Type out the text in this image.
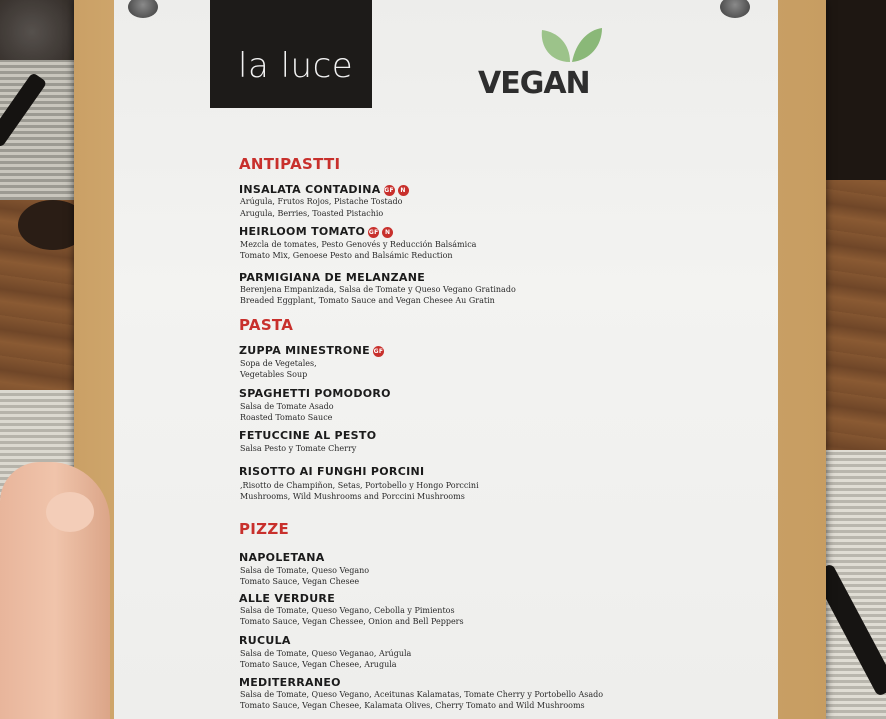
la luce	VEGAN
ANTIPASTTI
INSALATA CONTADINA GF N
Arúgula, Frutos Rojos, Pistache Tostado
Arugula, Berries, Toasted Pistachio
HEIRLOOM TOMATO GF N
Mezcla de tomates, Pesto Genovés y Reducción Balsámica
Tomato Mix, Genoese Pesto and Balsámic Reduction
PARMIGIANA DE MELANZANE
Berenjena Empanizada, Salsa de Tomate y Queso Vegano Gratinado
Breaded Eggplant, Tomato Sauce and Vegan Chesee Au Gratin
PASTA
ZUPPA MINESTRONE GF
Sopa de Vegetales,
Vegetables Soup
SPAGHETTI POMODORO
Salsa de Tomate Asado
Roasted Tomato Sauce
FETUCCINE AL PESTO
Salsa Pesto y Tomate Cherry
RISOTTO AI FUNGHI PORCINI
,Risotto de Champiñon, Setas, Portobello y Hongo Porccini
Mushrooms, Wild Mushrooms and Porccini Mushrooms
PIZZE
NAPOLETANA
Salsa de Tomate, Queso Vegano
Tomato Sauce, Vegan Chesee
ALLE VERDURE
Salsa de Tomate, Queso Vegano, Cebolla y Pimientos
Tomato Sauce, Vegan Chessee, Onion and Bell Peppers
RUCULA
Salsa de Tomate, Queso Veganao, Arúgula
Tomato Sauce, Vegan Chesee, Arugula
MEDITERRANEO
Salsa de Tomate, Queso Vegano, Aceitunas Kalamatas, Tomate Cherry y Portobello Asado
Tomato Sauce, Vegan Chesee, Kalamata Olives, Cherry Tomato and Wild Mushrooms
